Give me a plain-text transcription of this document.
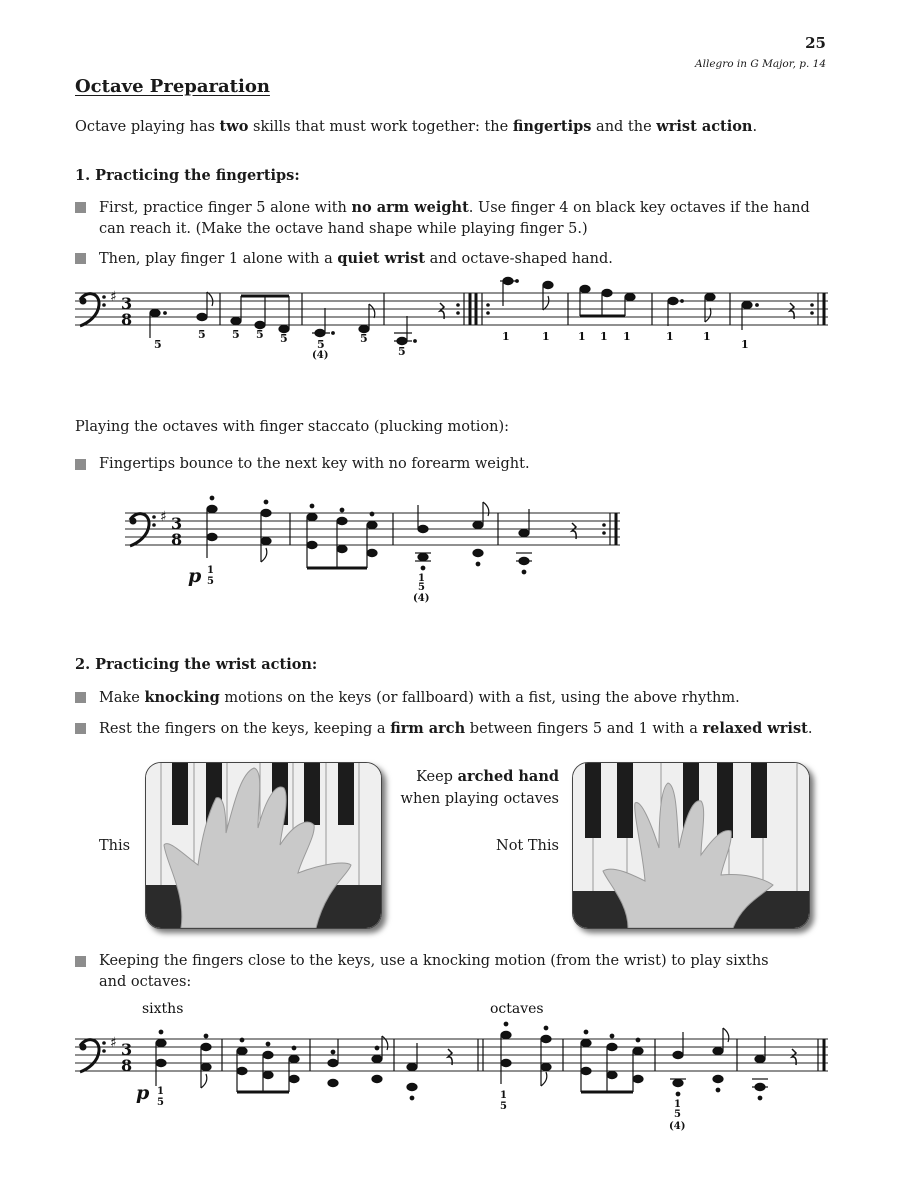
25
Allegro in G Major, p. 14
Octave Preparation
Octave playing has two skills that must work together: the fingertips and the wrist action.
1. Practicing the fingertips:
First, practice finger 5 alone with no arm weight. Use finger 4 on black key octaves if the hand can reach it. (Make the octave hand shape while playing finger 5.)
Then, play finger 1 alone with a quiet wrist and octave-shaped hand.
♯ 3
8
5
5 5 5 5	5	5
5
(4)
1	1	1 1 1	1	1
1
Playing the octaves with finger staccato (plucking motion):
Fingertips bounce to the next key with no forearm weight.
♯ 3
8
p 1
5	1
5
(4)
2. Practicing the wrist action:
Make knocking motions on the keys (or fallboard) with a fist, using the above rhythm.
Rest the fingers on the keys, keeping a firm arch between fingers 5 and 1 with a relaxed wrist.
This
Keep arched hand
when playing octaves
Not This
Keeping the fingers close to the keys, use a knocking motion (from the wrist) to play sixths and octaves:
sixths	octaves
♯ 3
8
p 1
5
1
5	1
5
(4)
